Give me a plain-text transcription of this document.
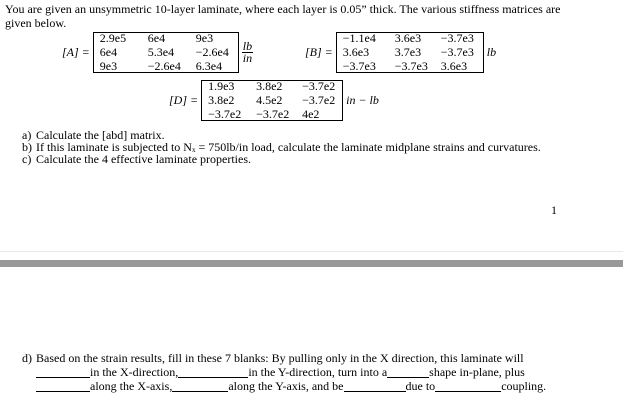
You are given an unsymmetric 10-layer laminate, where each layer is 0.05” thick. The various stiffness matrices are
given below.
[A] =
2.9e5	6e4	9e3
6e4	5.3e4	−2.6e4
9e3	−2.6e4 6.3e4
$\frac{lb}{in}$	[B] =
−1.1e4	3.6e3	−3.7e3
3.6e3	3.7e3	−3.7e3
−3.7e3	−3.7e3 3.6e3
lb
[D] =
1.9e3	3.8e2	−3.7e2
3.8e2	4.5e2	−3.7e2
−3.7e2 −3.7e2 4e2
in − lb
a) Calculate the [abd] matrix.
b) If this laminate is subjected to Nₓ = 750lb/in load, calculate the laminate midplane strains and curvatures.
c) Calculate the 4 effective laminate properties.
1
d) Based on the strain results, fill in these 7 blanks: By pulling only in the X direction, this laminate will
in the X-direction,	in the Y-direction, turn into a	shape in-plane, plus
along the X-axis,	along the Y-axis, and be	due to	coupling.
